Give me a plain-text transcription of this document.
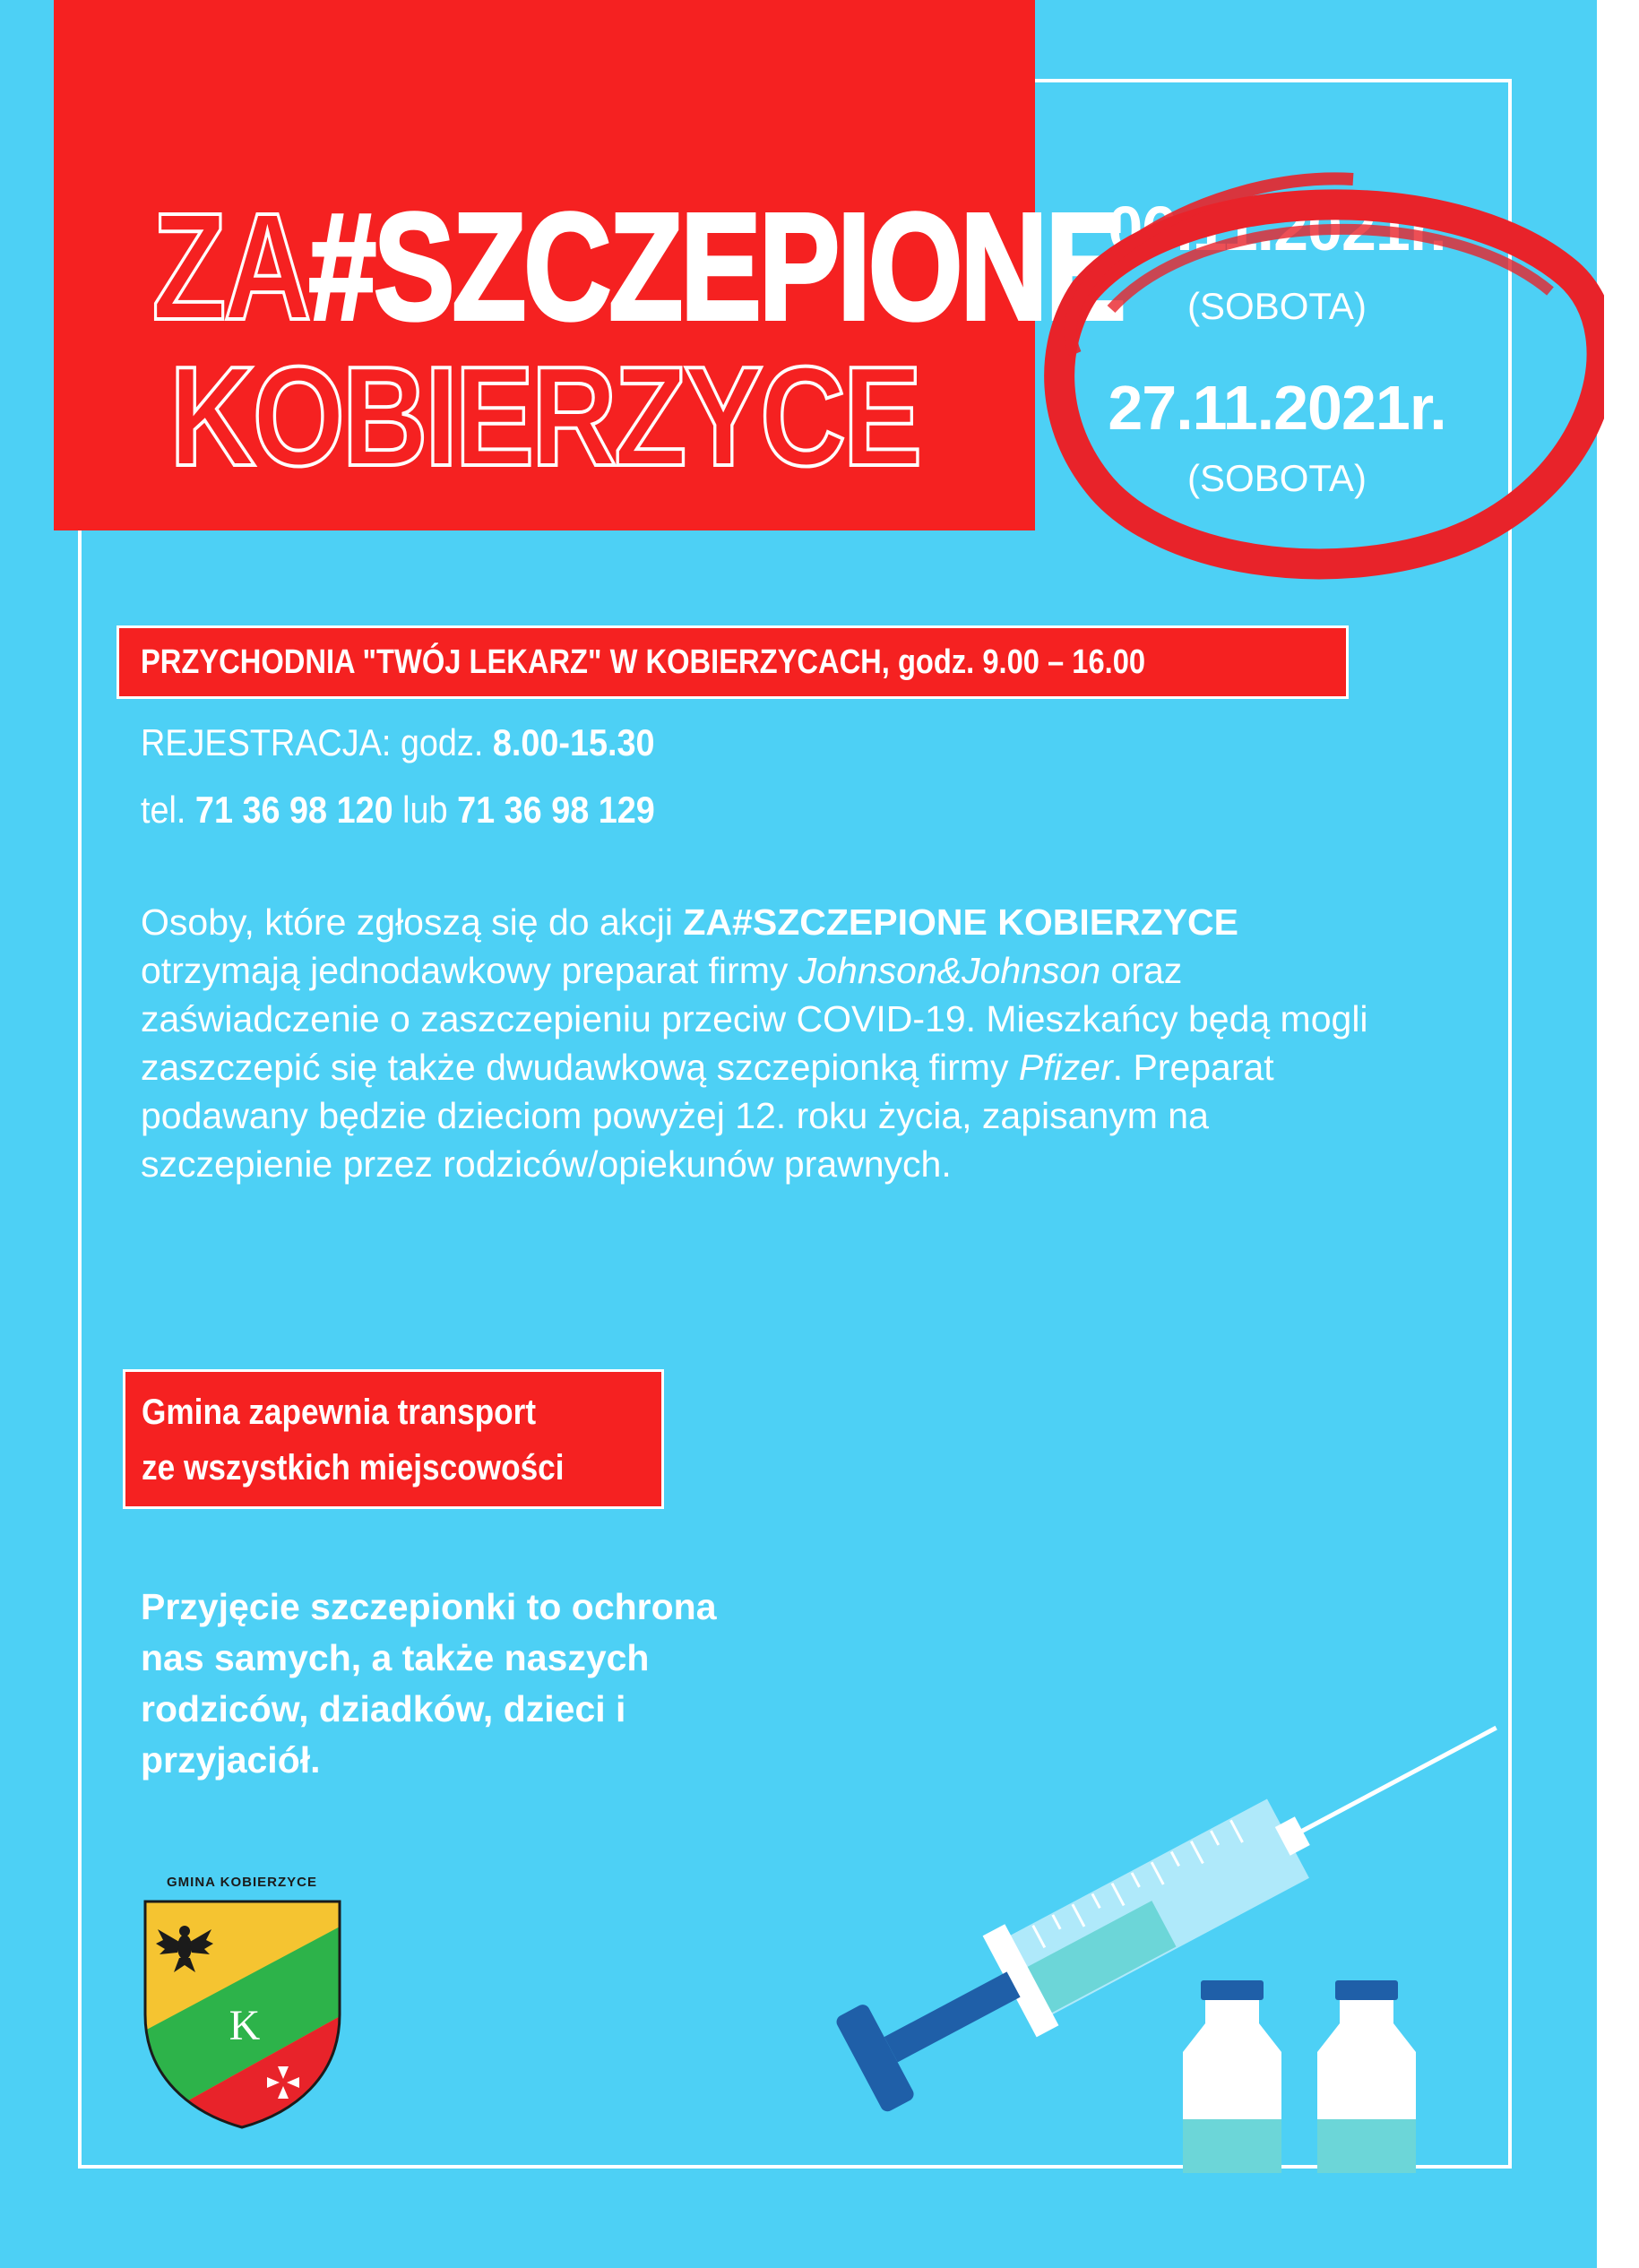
ZA#SZCZEPIONE
KOBIERZYCE
06.11.2021r.
(SOBOTA)
27.11.2021r.
(SOBOTA)
PRZYCHODNIA "TWÓJ LEKARZ" W KOBIERZYCACH, godz. 9.00 – 16.00
REJESTRACJA: godz. 8.00-15.30
tel. 71 36 98 120 lub 71 36 98 129
Osoby, które zgłoszą się do akcji ZA#SZCZEPIONE KOBIERZYCE otrzymają jednodawkowy preparat firmy Johnson&Johnson oraz zaświadczenie o zaszczepieniu przeciw COVID-19. Mieszkańcy będą mogli zaszczepić się także dwudawkową szczepionką firmy Pfizer. Preparat podawany będzie dzieciom powyżej 12. roku życia, zapisanym na szczepienie przez rodziców/opiekunów prawnych.
Gmina zapewnia transport
ze wszystkich miejscowości
Przyjęcie szczepionki to ochrona nas samych, a także naszych rodziców, dziadków, dzieci i przyjaciół.
GMINA KOBIERZYCE
K
